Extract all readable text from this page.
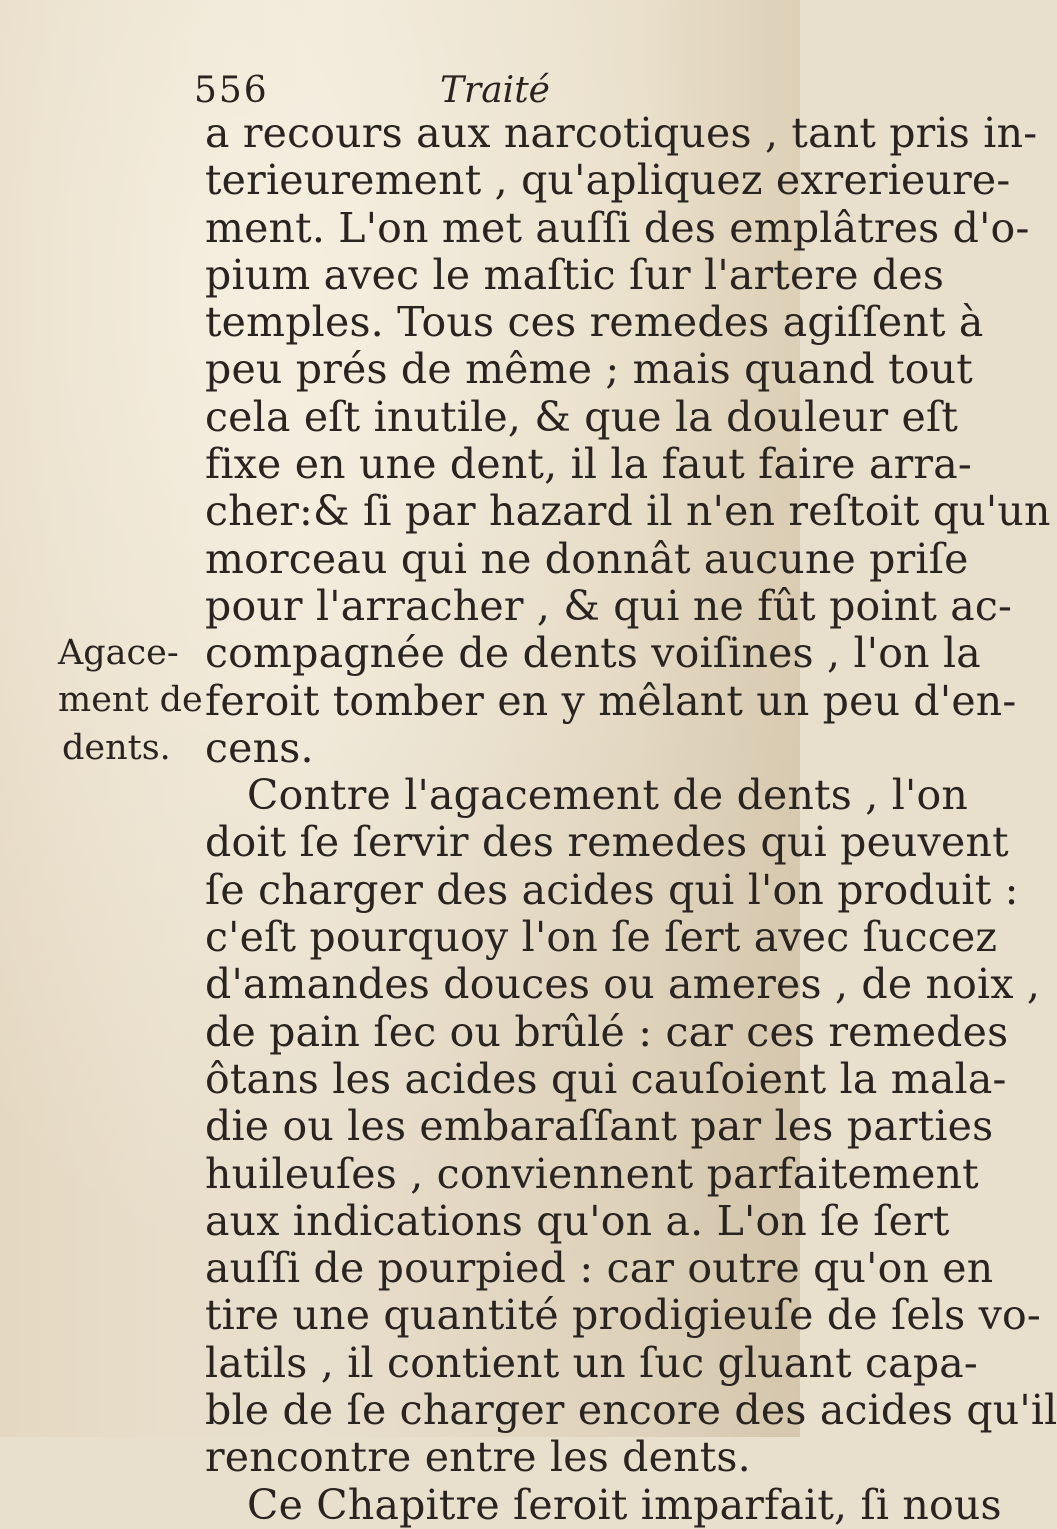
556	Traité
Agace-
ment de
dents.
a recours aux narcotiques , tant pris in-
terieurement , qu'apliquez exrerieure-
ment. L'on met auſſi des emplâtres d'o-
pium avec le maſtic ſur l'artere des
temples. Tous ces remedes agiſſent à
peu prés de même ; mais quand tout
cela eſt inutile, & que la douleur eſt
fixe en une dent, il la faut faire arra-
cher:& ſi par hazard il n'en reſtoit qu'un
morceau qui ne donnât aucune priſe
pour l'arracher , & qui ne fût point ac-
compagnée de dents voiſines , l'on la
feroit tomber en y mêlant un peu d'en-
cens.
Contre l'agacement de dents , l'on
doit ſe ſervir des remedes qui peuvent
ſe charger des acides qui l'on produit :
c'eſt pourquoy l'on ſe ſert avec ſuccez
d'amandes douces ou ameres , de noix ,
de pain ſec ou brûlé : car ces remedes
ôtans les acides qui cauſoient la mala-
die ou les embaraſſant par les parties
huileuſes , conviennent parfaitement
aux indications qu'on a. L'on ſe ſert
auſſi de pourpied : car outre qu'on en
tire une quantité prodigieuſe de ſels vo-
latils , il contient un ſuc gluant capa-
ble de ſe charger encore des acides qu'il
rencontre entre les dents.
Ce Chapitre ſeroit imparfait, ſi nous
